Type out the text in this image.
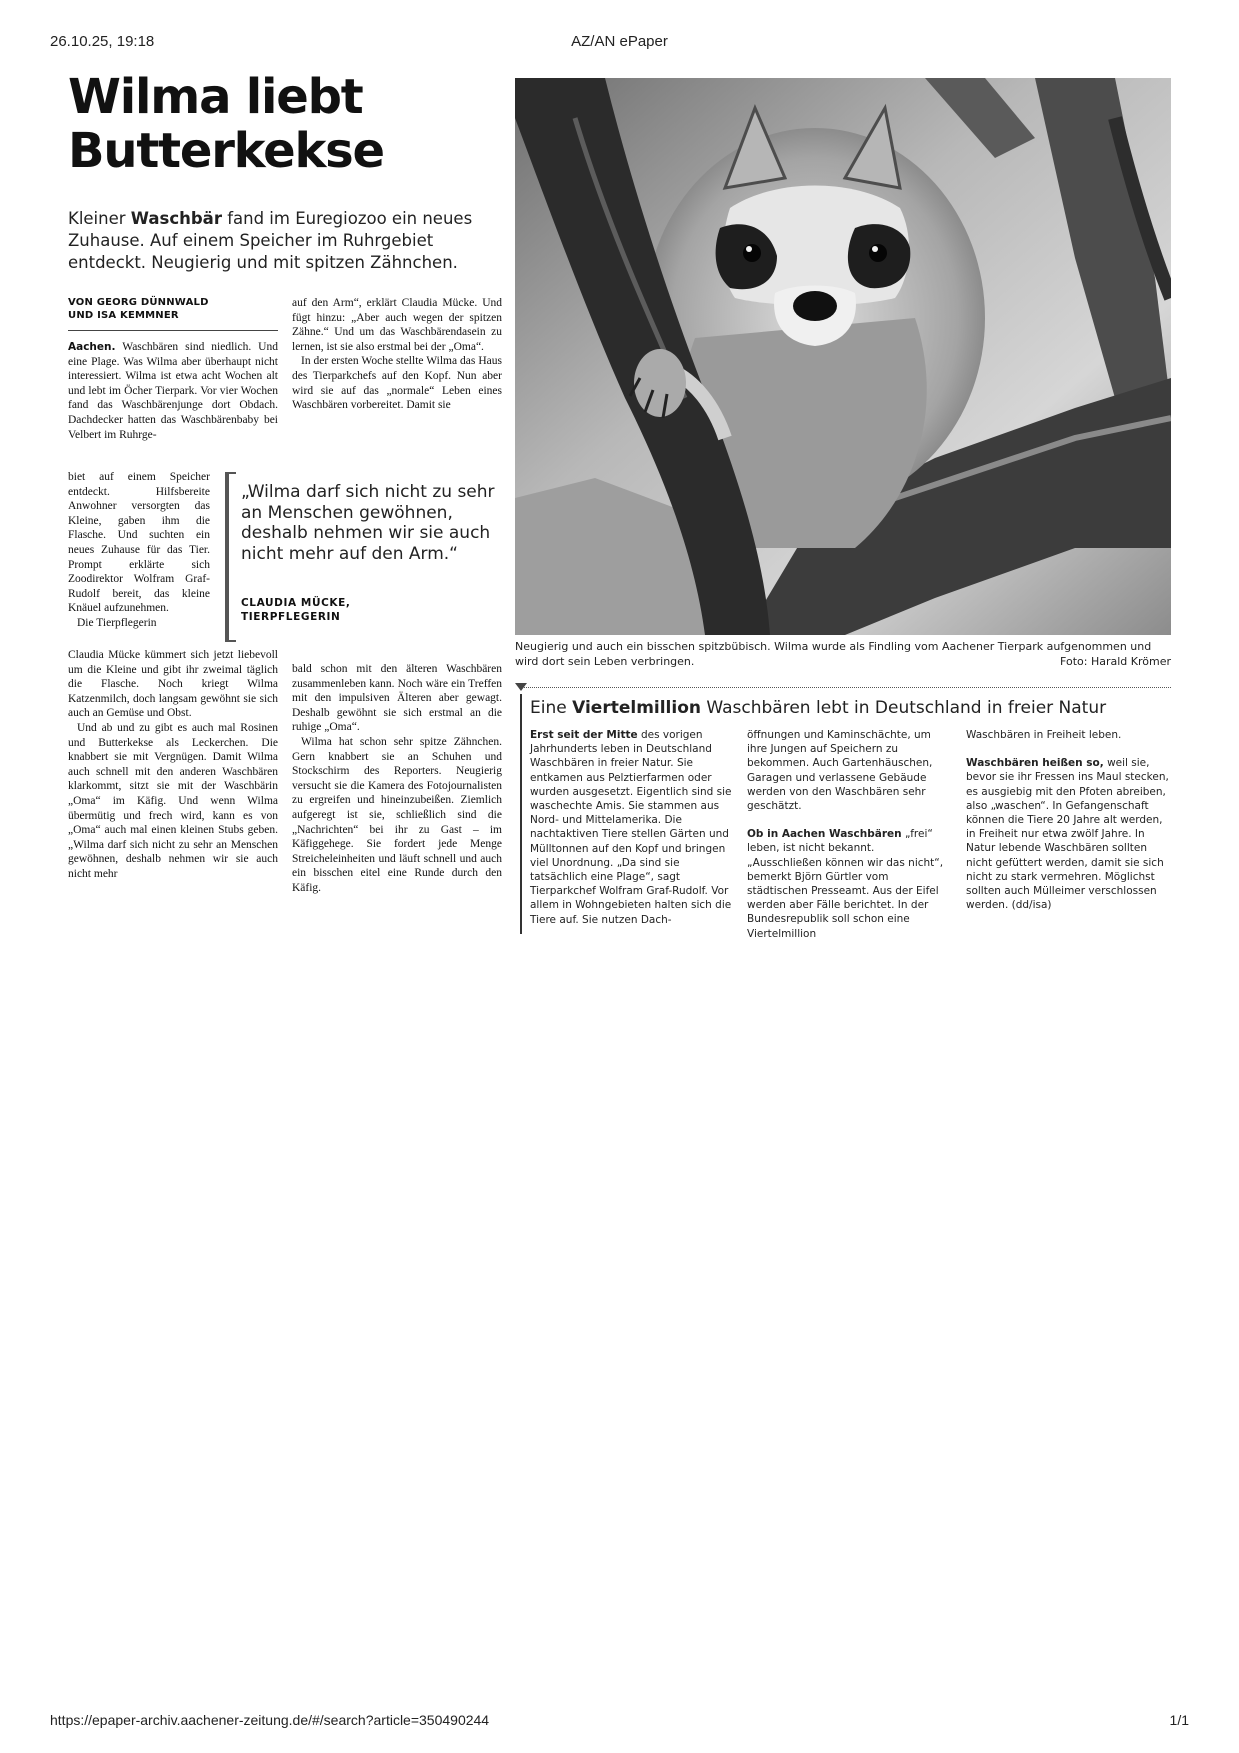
26.10.25, 19:18	AZ/AN ePaper
Wilma liebt
Butterkekse

Kleiner Waschbär fand im Euregiozoo ein neues Zuhause. Auf einem Speicher im Ruhrgebiet entdeckt. Neugierig und mit spitzen Zähnchen.

VON GEORG DÜNNWALD
UND ISA KEMMNER

Aachen. Waschbären sind niedlich. Und eine Plage. Was Wilma aber überhaupt nicht interessiert. Wilma ist etwa acht Wochen alt und lebt im Öcher Tierpark. Vor vier Wochen fand das Waschbärenjunge dort Obdach. Dachdecker hatten das Waschbärenbaby bei Velbert im Ruhrge-

biet auf einem Speicher entdeckt. Hilfsbereite Anwohner versorgten das Kleine, gaben ihm die Flasche. Und suchten ein neues Zuhause für das Tier. Prompt erklärte sich Zoodirektor Wolfram Graf-Rudolf bereit, das kleine Knäuel aufzunehmen.

Die Tierpflegerin

Claudia Mücke kümmert sich jetzt liebevoll um die Kleine und gibt ihr zweimal täglich die Flasche. Noch kriegt Wilma Katzenmilch, doch langsam gewöhnt sie sich auch an Gemüse und Obst.

Und ab und zu gibt es auch mal Rosinen und Butterkekse als Leckerchen. Die knabbert sie mit Vergnügen. Damit Wilma auch schnell mit den anderen Waschbären klarkommt, sitzt sie mit der Waschbärin „Oma“ im Käfig. Und wenn Wilma übermütig und frech wird, kann es von „Oma“ auch mal einen kleinen Stubs geben. „Wilma darf sich nicht zu sehr an Menschen gewöhnen, deshalb nehmen wir sie auch nicht mehr

auf den Arm“, erklärt Claudia Mücke. Und fügt hinzu: „Aber auch wegen der spitzen Zähne.“ Und um das Waschbärendasein zu lernen, ist sie also erstmal bei der „Oma“.

In der ersten Woche stellte Wilma das Haus des Tierparkchefs auf den Kopf. Nun aber wird sie auf das „normale“ Leben eines Waschbären vorbereitet. Damit sie

bald schon mit den älteren Waschbären zusammenleben kann. Noch wäre ein Treffen mit den impulsiven Älteren aber gewagt. Deshalb gewöhnt sie sich erstmal an die ruhige „Oma“.

Wilma hat schon sehr spitze Zähnchen. Gern knabbert sie an Schuhen und Stockschirm des Reporters. Neugierig versucht sie die Kamera des Fotojournalisten zu ergreifen und hineinzubeißen. Ziemlich aufgeregt ist sie, schließlich sind die „Nachrichten“ bei ihr zu Gast – im Käfiggehege. Sie fordert jede Menge Streicheleinheiten und läuft schnell und auch ein bisschen eitel eine Runde durch den Käfig.

„Wilma darf sich nicht zu sehr an Menschen gewöhnen, deshalb nehmen wir sie auch nicht mehr auf den Arm.“
CLAUDIA MÜCKE,
TIERPFLEGERIN
Neugierig und auch ein bisschen spitzbübisch. Wilma wurde als Findling vom Aachener Tierpark aufgenommen und wird dort sein Leben verbringen.	Foto: Harald Krömer
Eine Viertelmillion Waschbären lebt in Deutschland in freier Natur

Erst seit der Mitte des vorigen Jahrhunderts leben in Deutschland Waschbären in freier Natur. Sie entkamen aus Pelztierfarmen oder wurden ausgesetzt. Eigentlich sind sie waschechte Amis. Sie stammen aus Nord- und Mittelamerika. Die nachtaktiven Tiere stellen Gärten und Mülltonnen auf den Kopf und bringen viel Unordnung. „Da sind sie tatsächlich eine Plage“, sagt Tierparkchef Wolfram Graf-Rudolf. Vor allem in Wohngebieten halten sich die Tiere auf. Sie nutzen Dach-

öffnungen und Kaminschächte, um ihre Jungen auf Speichern zu bekommen. Auch Gartenhäuschen, Garagen und verlassene Gebäude werden von den Waschbären sehr geschätzt.

Ob in Aachen Waschbären „frei“ leben, ist nicht bekannt. „Ausschließen können wir das nicht“, bemerkt Björn Gürtler vom städtischen Presseamt. Aus der Eifel werden aber Fälle berichtet. In der Bundesrepublik soll schon eine Viertelmillion

Waschbären in Freiheit leben.

Waschbären heißen so, weil sie, bevor sie ihr Fressen ins Maul stecken, es ausgiebig mit den Pfoten abreiben, also „waschen“. In Gefangenschaft können die Tiere 20 Jahre alt werden, in Freiheit nur etwa zwölf Jahre. In Natur lebende Waschbären sollten nicht gefüttert werden, damit sie sich nicht zu stark vermehren. Möglichst sollten auch Mülleimer verschlossen werden. (dd/isa)

https://epaper-archiv.aachener-zeitung.de/#/search?article=350490244	1/1
